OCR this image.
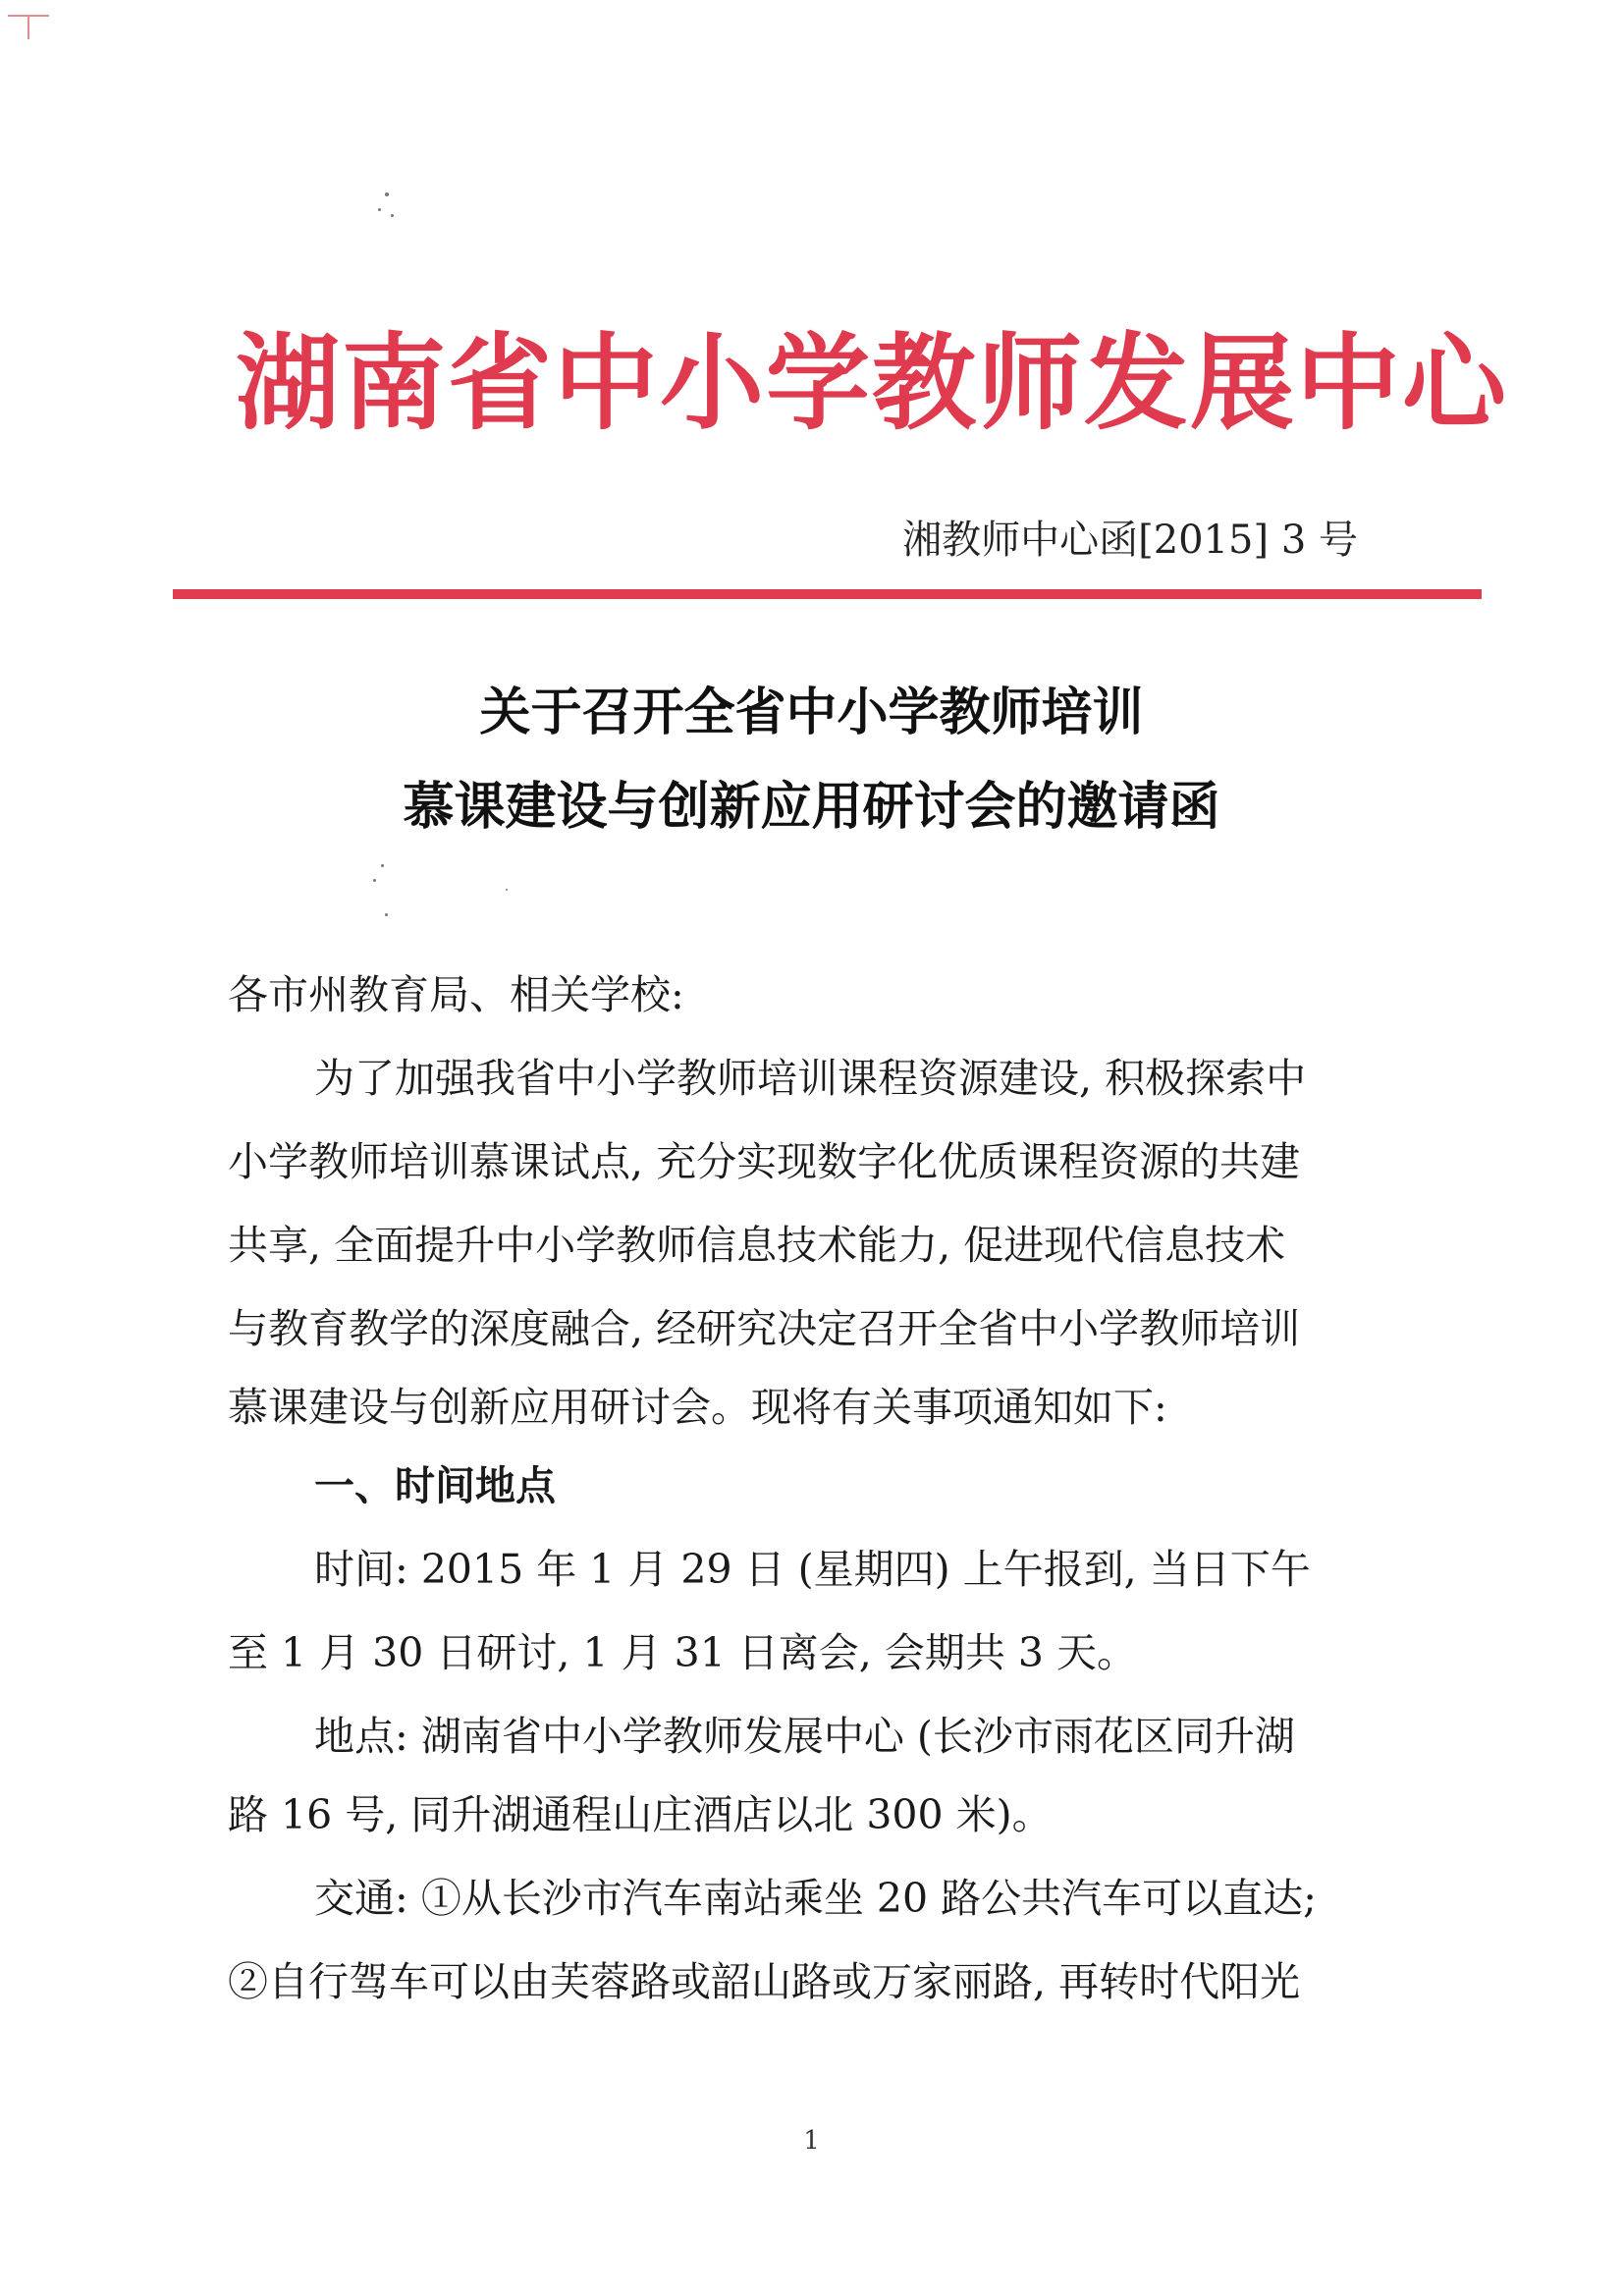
湖南省中小学教师发展中心
湘教师中心函[2015] 3 号
关于召开全省中小学教师培训
慕课建设与创新应用研讨会的邀请函
各市州教育局、相关学校:
为了加强我省中小学教师培训课程资源建设, 积极探索中
小学教师培训慕课试点, 充分实现数字化优质课程资源的共建
共享, 全面提升中小学教师信息技术能力, 促进现代信息技术
与教育教学的深度融合, 经研究决定召开全省中小学教师培训
慕课建设与创新应用研讨会。现将有关事项通知如下:
一、时间地点
时间: 2015 年 1 月 29 日 (星期四) 上午报到, 当日下午
至 1 月 30 日研讨, 1 月 31 日离会, 会期共 3 天。
地点: 湖南省中小学教师发展中心 (长沙市雨花区同升湖
路 16 号, 同升湖通程山庄酒店以北 300 米)。
交通: ①从长沙市汽车南站乘坐 20 路公共汽车可以直达;
②自行驾车可以由芙蓉路或韶山路或万家丽路, 再转时代阳光
1
